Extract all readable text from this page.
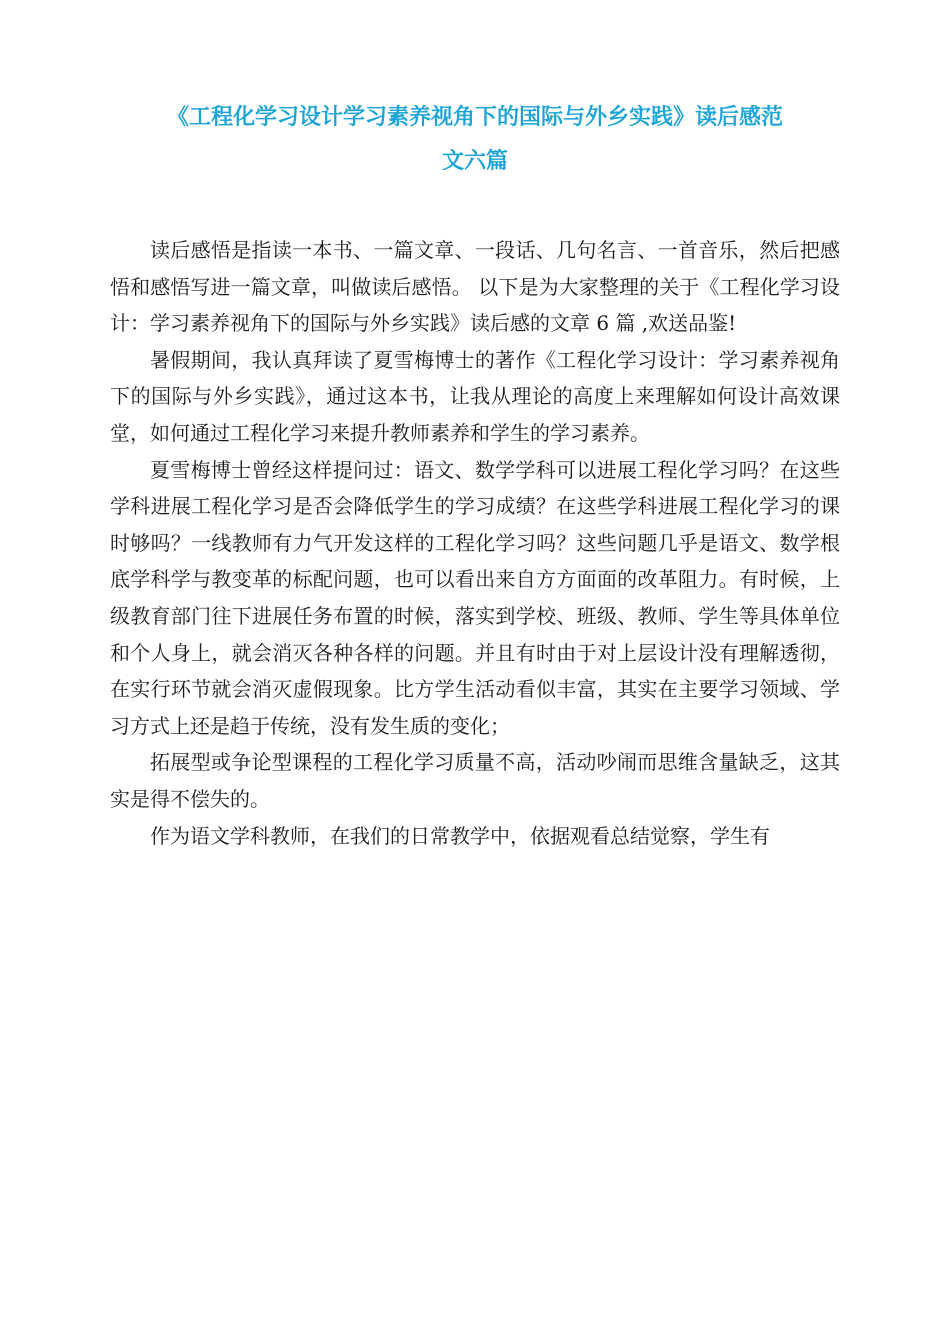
《工程化学习设计学习素养视角下的国际与外乡实践》读后感范
文六篇

读后感悟是指读一本书、一篇文章、一段话、几句名言、一首音乐，然后把感悟和感悟写进一篇文章，叫做读后感悟。 以下是为大家整理的关于《工程化学习设计：学习素养视角下的国际与外乡实践》读后感的文章 6 篇 ,欢送品鉴!

暑假期间，我认真拜读了夏雪梅博士的著作《工程化学习设计：学习素养视角下的国际与外乡实践》，通过这本书，让我从理论的高度上来理解如何设计高效课堂，如何通过工程化学习来提升教师素养和学生的学习素养。

夏雪梅博士曾经这样提问过：语文、数学学科可以进展工程化学习吗？在这些学科进展工程化学习是否会降低学生的学习成绩？在这些学科进展工程化学习的课时够吗？一线教师有力气开发这样的工程化学习吗？这些问题几乎是语文、数学根底学科学与教变革的标配问题，也可以看出来自方方面面的改革阻力。有时候，上级教育部门往下进展任务布置的时候，落实到学校、班级、教师、学生等具体单位和个人身上，就会消灭各种各样的问题。并且有时由于对上层设计没有理解透彻，在实行环节就会消灭虚假现象。比方学生活动看似丰富，其实在主要学习领域、学习方式上还是趋于传统，没有发生质的变化；

拓展型或争论型课程的工程化学习质量不高，活动吵闹而思维含量缺乏，这其实是得不偿失的。

作为语文学科教师，在我们的日常教学中，依据观看总结觉察，学生有
